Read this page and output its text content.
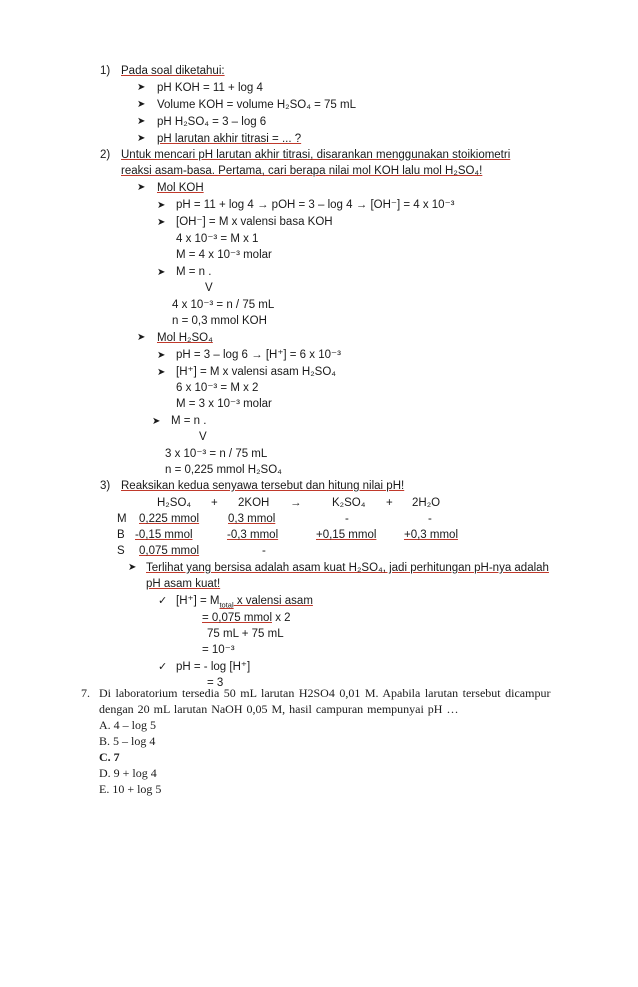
1) Pada soal diketahui:
➤ pH KOH = 11 + log 4
➤ Volume KOH = volume H₂SO₄ = 75 mL
➤ pH H₂SO₄ = 3 – log 6
➤ pH larutan akhir titrasi = ... ?
2) Untuk mencari pH larutan akhir titrasi, disarankan menggunakan stoikiometri
reaksi asam-basa. Pertama, cari berapa nilai mol KOH lalu mol H₂SO₄!
➤ Mol KOH
➤ pH = 11 + log 4 → pOH = 3 – log 4 → [OH⁻] = 4 x 10⁻³
➤ [OH⁻] = M x valensi basa KOH
4 x 10⁻³ = M x 1
M = 4 x 10⁻³ molar
➤ M = n .
V
4 x 10⁻³ = n / 75 mL
n = 0,3 mmol KOH
➤ Mol H₂SO₄
➤ pH = 3 – log 6 → [H⁺] = 6 x 10⁻³
➤ [H⁺] = M x valensi asam H₂SO₄
6 x 10⁻³ = M x 2
M = 3 x 10⁻³ molar
➤ M = n .
V
3 x 10⁻³ = n / 75 mL
n = 0,225 mmol H₂SO₄
3) Reaksikan kedua senyawa tersebut dan hitung nilai pH!
H₂SO₄ + 2KOH →	K₂SO₄ + 2H₂O
M 0,225 mmol	0,3 mmol	-	-
B -0,15 mmol	-0,3 mmol	+0,15 mmol +0,3 mmol
S 0,075 mmol	-
➤ Terlihat yang bersisa adalah asam kuat H₂SO₄, jadi perhitungan pH-nya adalah
pH asam kuat!
✓ $[H^+] = M_{total}$ x valensi asam
= 0,075 mmol x 2
75 mL + 75 mL
= 10⁻³
✓ pH = - log [H⁺]
= 3
7. Di laboratorium tersedia 50 mL larutan H2SO4 0,01 M. Apabila larutan tersebut dicampur
dengan 20 mL larutan NaOH 0,05 M, hasil campuran mempunyai pH …
A. 4 – log 5
B. 5 – log 4
C. 7
D. 9 + log 4
E. 10 + log 5
